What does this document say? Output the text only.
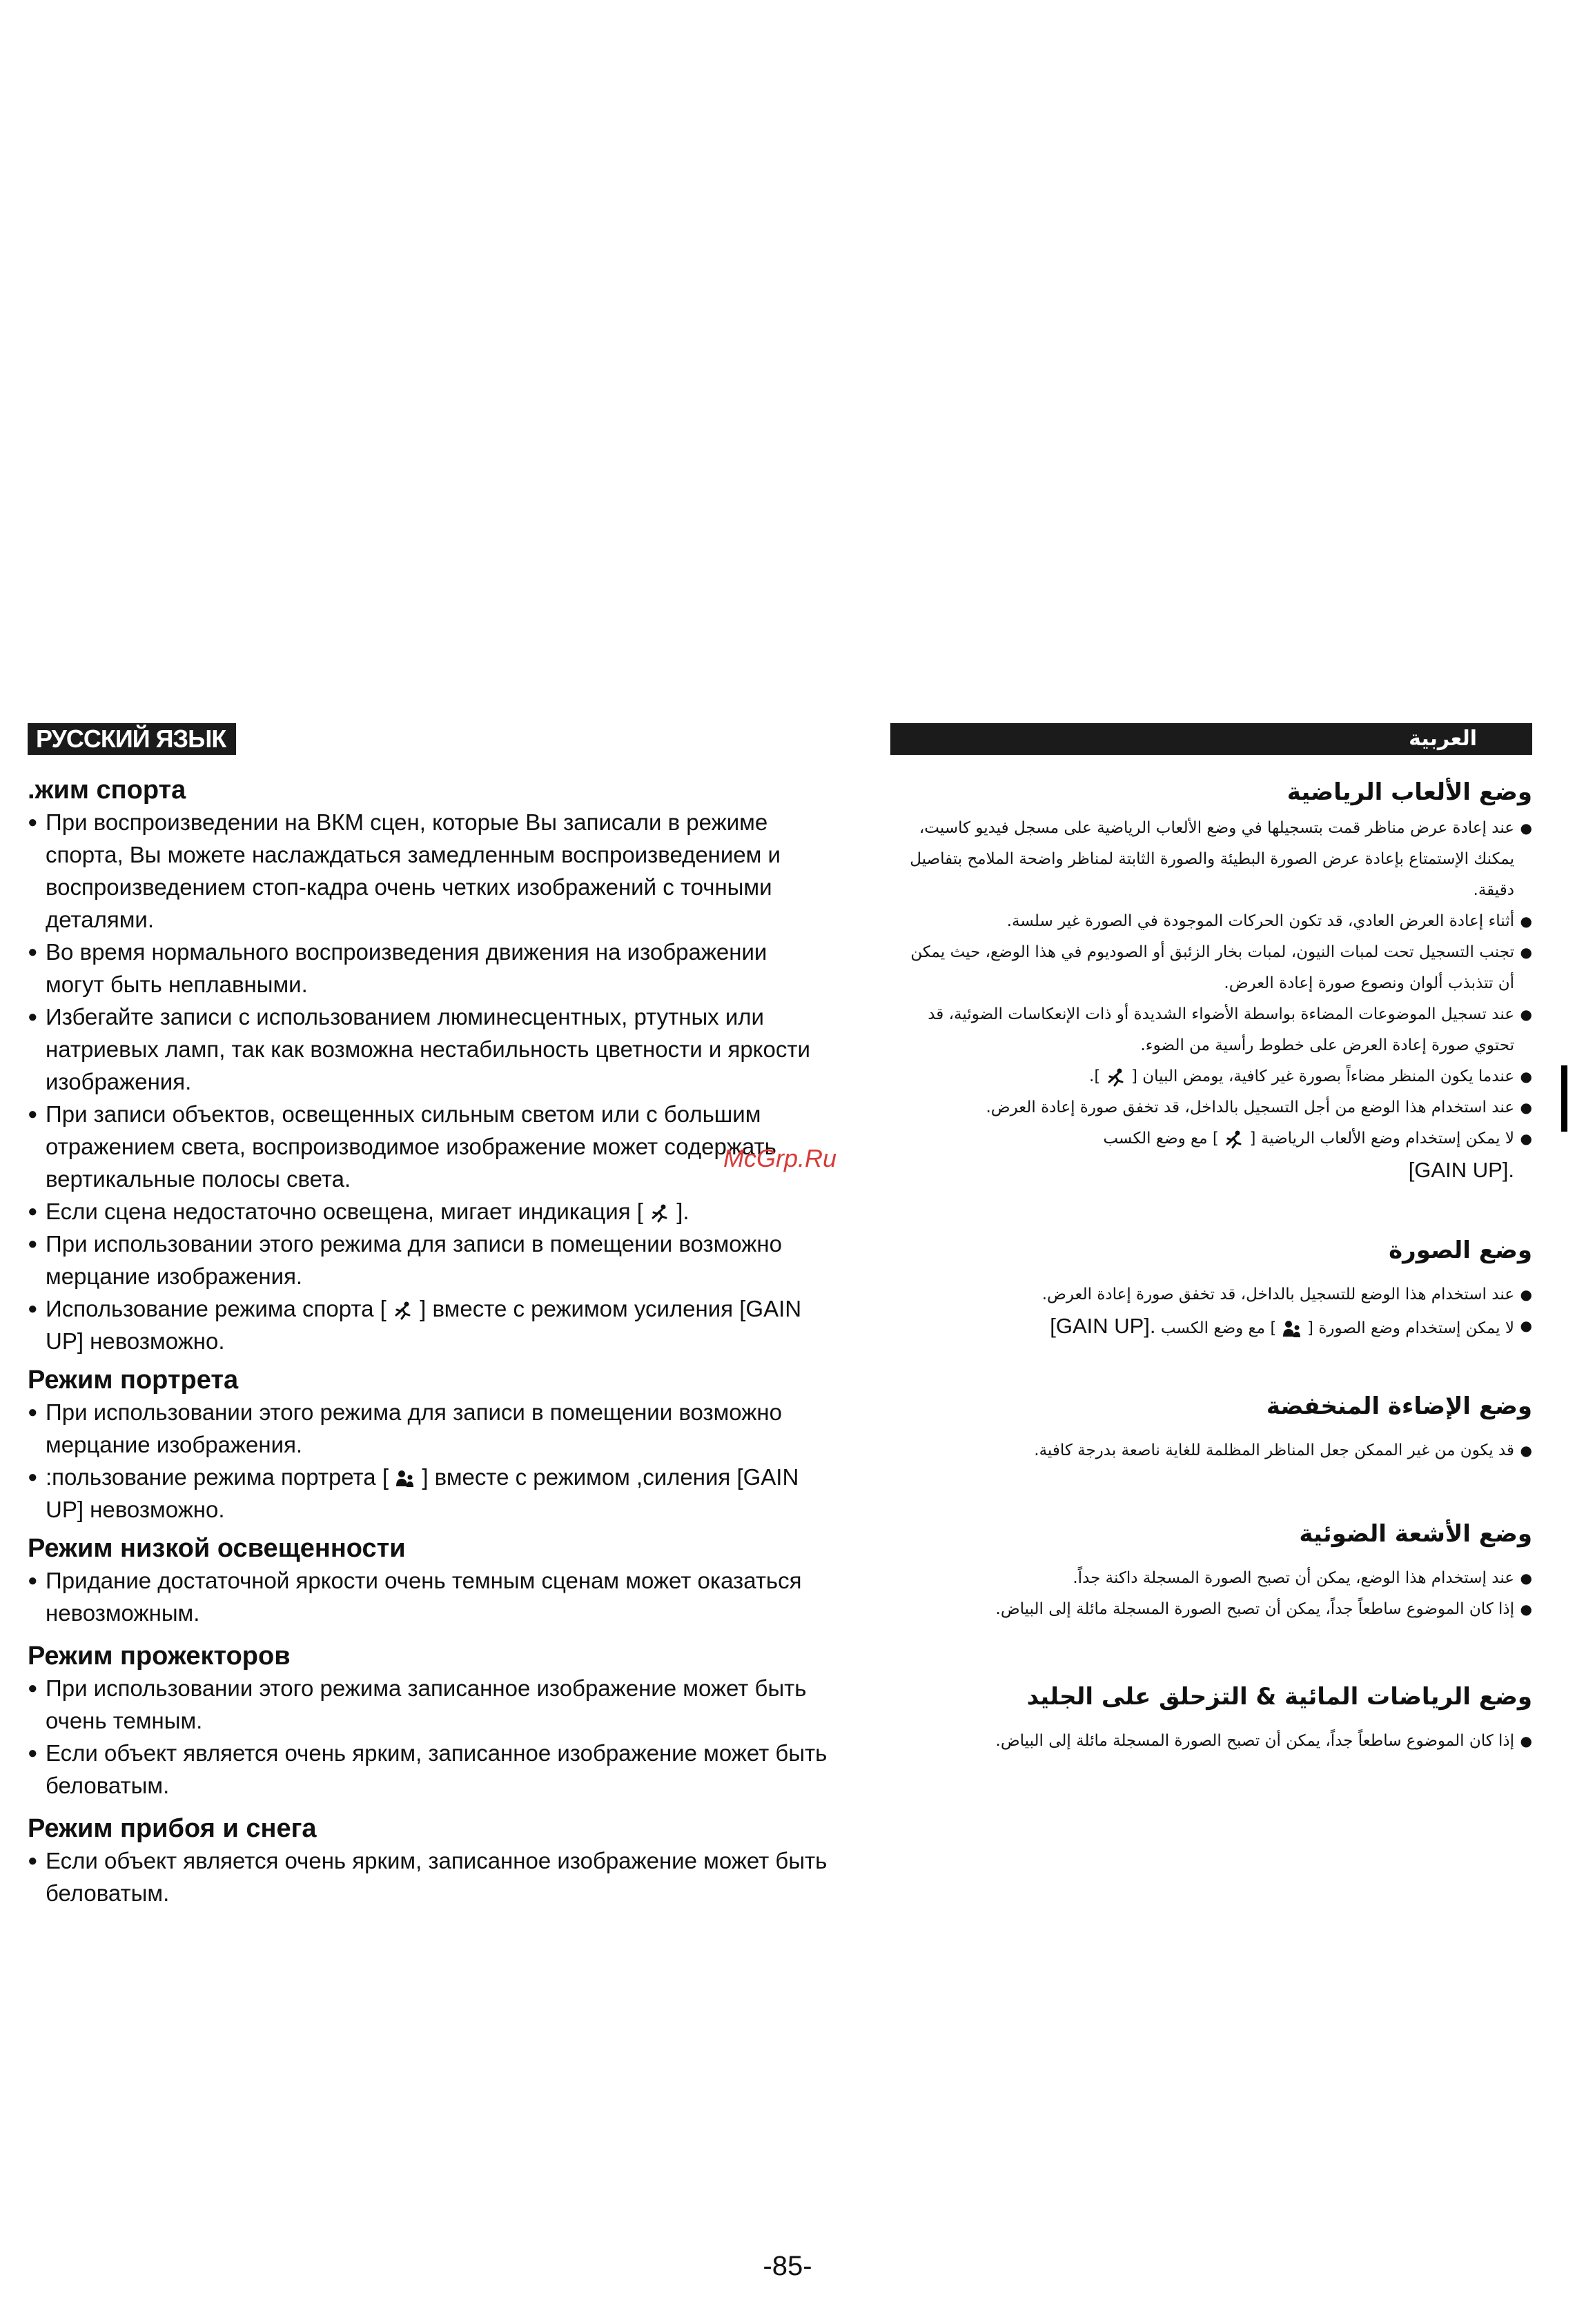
РУССКИЙ ЯЗЫК
.жим спорта
● При воспроизведении на ВКМ сцен, которые Вы записали в режиме спорта, Вы можете наслаждаться замедленным воспроизведением и воспроизведением стоп-кадра очень четких изображений с точными деталями.
● Во время нормального воспроизведения движения на изображении могут быть неплавными.
● Избегайте записи с использованием люминесцентных, ртутных или натриевых ламп, так как возможна нестабильность цветности и яркости изображения.
● При записи объектов, освещенных сильным светом или с большим отражением света, воспроизводимое изображение может содержать вертикальные полосы света.
● Если сцена недостаточно освещена, мигает индикация [ ].
● При использовании этого режима для записи в помещении возможно мерцание изображения.
● Использование режима спорта [ ] вместе с режимом усиления [GAIN UP] невозможно.
Режим портрета
● При использовании этого режима для записи в помещении возможно мерцание изображения.
● :пользование режима портрета [ ] вместе с режимом ,силения [GAIN UP] невозможно.
Режим низкой освещенности
● Придание достаточной яркости очень темным сценам может оказаться невозможным.
Режим прожекторов
● При использовании этого режима записанное изображение может быть очень темным.
● Если объект является очень ярким, записанное изображение может быть беловатым.
Режим прибоя и снега
● Если объект является очень ярким, записанное изображение может быть беловатым.
العربية
وضع الألعاب الرياضية
● عند إعادة عرض مناظر قمت بتسجيلها في وضع الألعاب الرياضية على مسجل فيديو كاسيت، يمكنك الإستمتاع بإعادة عرض الصورة البطيئة والصورة الثابتة لمناظر واضحة الملامح بتفاصيل دقيقة.
● أثناء إعادة العرض العادي، قد تكون الحركات الموجودة في الصورة غير سلسة.
● تجنب التسجيل تحت لمبات النيون، لمبات بخار الزئبق أو الصوديوم في هذا الوضع، حيث يمكن أن تتذبذب ألوان ونصوع صورة إعادة العرض.
● عند تسجيل الموضوعات المضاءة بواسطة الأضواء الشديدة أو ذات الإنعكاسات الضوئية، قد تحتوي صورة إعادة العرض على خطوط رأسية من الضوء.
● عندما يكون المنظر مضاءاً بصورة غير كافية، يومض البيان [
].
● عند استخدام هذا الوضع من أجل التسجيل بالداخل، قد تخفق صورة إعادة العرض.
● لا يمكن إستخدام وضع الألعاب الرياضية [
] مع وضع الكسب
[GAIN UP].
وضع الصورة
● عند استخدام هذا الوضع للتسجيل بالداخل، قد تخفق صورة إعادة العرض.
● لا يمكن إستخدام وضع الصورة [
] مع وضع الكسب [GAIN UP].
وضع الإضاءة المنخفضة
● قد يكون من غير الممكن جعل المناظر المظلمة للغاية ناصعة بدرجة كافية.
وضع الأشعة الضوئية
● عند إستخدام هذا الوضع، يمكن أن تصبح الصورة المسجلة داكنة جداً.
● إذا كان الموضوع ساطعاً جداً، يمكن أن تصبح الصورة المسجلة مائلة إلى البياض.
وضع الرياضات المائية & التزحلق على الجليد
● إذا كان الموضوع ساطعاً جداً، يمكن أن تصبح الصورة المسجلة مائلة إلى البياض.
McGrp.Ru
-85-
